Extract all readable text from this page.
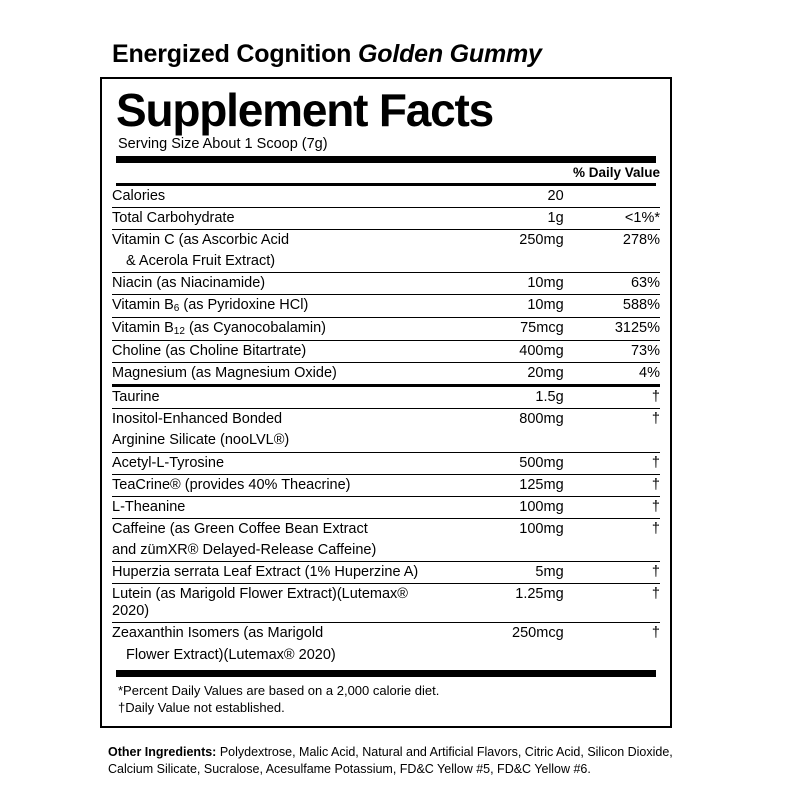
Energized Cognition Golden Gummy
Supplement Facts
Serving Size About 1 Scoop (7g)
		% Daily Value
Calories	20	
Total Carbohydrate	1g	<1%*
Vitamin C (as Ascorbic Acid	250mg	278%
& Acerola Fruit Extract)		
Niacin (as Niacinamide)	10mg	63%
Vitamin $B_6$ (as Pyridoxine HCl)	10mg	588%
Vitamin $B_{12}$ (as Cyanocobalamin)	75mcg	3125%
Choline (as Choline Bitartrate)	400mg	73%
Magnesium (as Magnesium Oxide)	20mg	4%
Taurine	1.5g	†
Inositol-Enhanced Bonded	800mg	†
Arginine Silicate (nooLVL®)		
Acetyl-L-Tyrosine	500mg	†
TeaCrine® (provides 40% Theacrine)	125mg	†
L-Theanine	100mg	†
Caffeine (as Green Coffee Bean Extract	100mg	†
and zümXR® Delayed-Release Caffeine)		
Huperzia serrata Leaf Extract (1% Huperzine A)	5mg	†
Lutein (as Marigold Flower Extract)(Lutemax® 2020)	1.25mg	†
Zeaxanthin Isomers (as Marigold	250mcg	†
Flower Extract)(Lutemax® 2020)		
*Percent Daily Values are based on a 2,000 calorie diet.
†Daily Value not established.
Other Ingredients: Polydextrose, Malic Acid, Natural and Artificial Flavors, Citric Acid, Silicon Dioxide, Calcium Silicate, Sucralose, Acesulfame Potassium, FD&C Yellow #5, FD&C Yellow #6.
